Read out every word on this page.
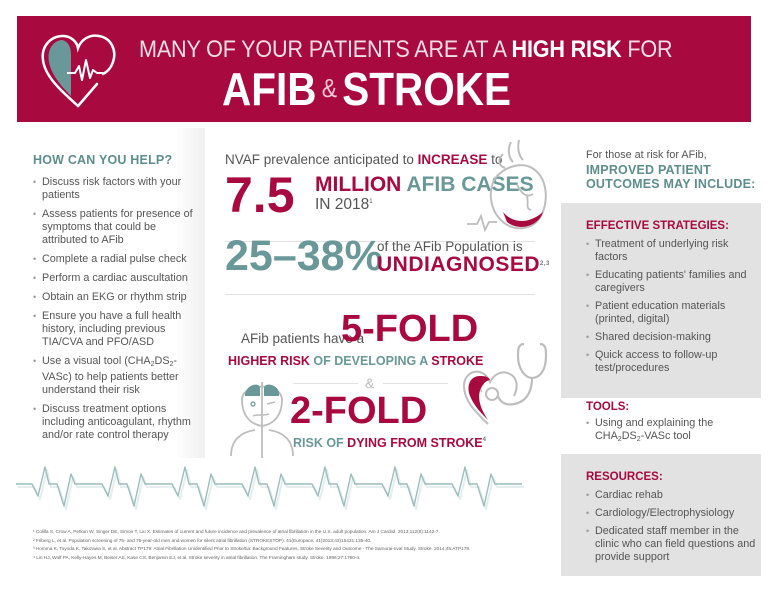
MANY OF YOUR PATIENTS ARE AT A HIGH RISK FOR
AFIB & STROKE
HOW CAN YOU HELP?
• Discuss risk factors with your patients
• Assess patients for presence of symptoms that could be attributed to AFib
• Complete a radial pulse check
• Perform a cardiac auscultation
• Obtain an EKG or rhythm strip
• Ensure you have a full health history, including previous TIA/CVA and PFO/ASD
• Use a visual tool $(CHA_2DS_2-VASc)$ to help patients better understand their risk
• Discuss treatment options including anticoagulant, rhythm and/or rate control therapy
NVAF prevalence anticipated to INCREASE to
7.5 MILLION AFIB CASES
IN 2018$^1$
25–38%
of the AFib Population is
UNDIAGNOSED$^{2,3}$
AFib patients have a
5-FOLD
HIGHER RISK OF DEVELOPING A STROKE
&
2-FOLD
RISK OF DYING FROM STROKE$^4$
For those at risk for AFib,
IMPROVED PATIENT OUTCOMES MAY INCLUDE:
EFFECTIVE STRATEGIES:
• Treatment of underlying risk factors
• Educating patients' families and caregivers
• Patient education materials (printed, digital)
• Shared decision-making
• Quick access to follow-up test/procedures
TOOLS:
• Using and explaining the $CHA_2DS_2$-VASc tool
RESOURCES:
• Cardiac rehab
• Cardiology/Electrophysiology
• Dedicated staff member in the clinic who can field questions and provide support
¹ Colilla S, Crow A, Petkun W, Singer DE, Simon T, Liu X. Estimates of current and future incidence and prevalence of atrial fibrillation in the U.S. adult population. Am J Cardiol. 2013;112(8):1142-7.
² Friberg L, et al. Population screening of 75- and 76-year-old men and women for silent atrial fibrillation (STROKESTOP). 41(Europace. 41)2013;43)15431:135-40.
³ Homma K, Toyoda K, Takizawa S, et al. Abstract TP179: Atrial Fibrillation Unidentified Prior to Stroke/tia: Background Features, Stroke Severity and Outcome - The Samurai-nval Study. Stroke. 2014;45:ATP179.
⁴ Lin HJ, Wolf PA, Kelly-Hayes M, Beiser AS, Kase CS, Benjamin EJ, et al. Stroke severity in atrial fibrillation. The Framingham study. Stroke. 1996;27:1760-4.
